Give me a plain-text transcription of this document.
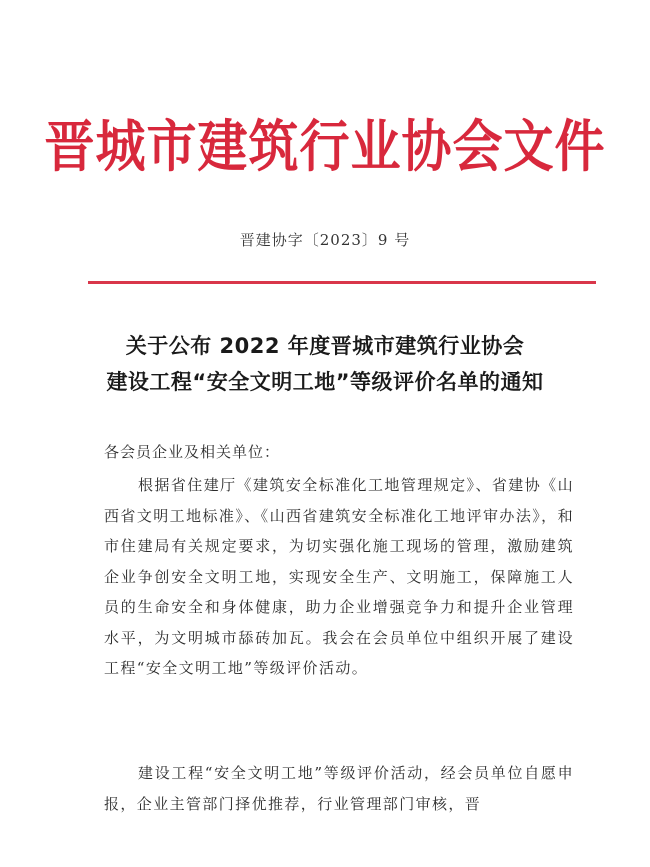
晋城市建筑行业协会文件
晋建协字〔2023〕9 号
关于公布 2022 年度晋城市建筑行业协会
建设工程“安全文明工地”等级评价名单的通知
各会员企业及相关单位：
根据省住建厅《建筑安全标准化工地管理规定》、省建协《山西省文明工地标准》、《山西省建筑安全标准化工地评审办法》，和市住建局有关规定要求，为切实强化施工现场的管理，激励建筑企业争创安全文明工地，实现安全生产、文明施工，保障施工人员的生命安全和身体健康，助力企业增强竞争力和提升企业管理水平，为文明城市舔砖加瓦。我会在会员单位中组织开展了建设工程“安全文明工地”等级评价活动。
建设工程“安全文明工地”等级评价活动，经会员单位自愿申报，企业主管部门择优推荐，行业管理部门审核，晋
